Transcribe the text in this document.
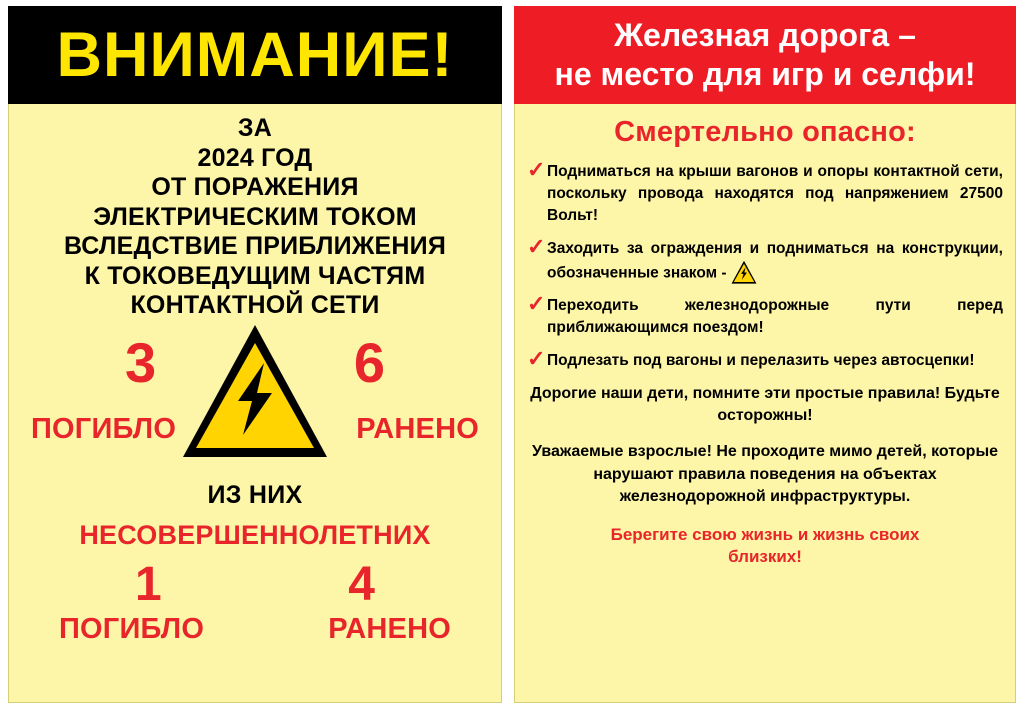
ВНИМАНИЕ!
ЗА
2024 ГОД
ОТ ПОРАЖЕНИЯ
ЭЛЕКТРИЧЕСКИМ ТОКОМ
ВСЛЕДСТВИЕ ПРИБЛИЖЕНИЯ
К ТОКОВЕДУЩИМ ЧАСТЯМ
КОНТАКТНОЙ СЕТИ
3	6
ПОГИБЛО	РАНЕНО
ИЗ НИХ
НЕСОВЕРШЕННОЛЕТНИХ
1	4
ПОГИБЛО	РАНЕНО
Железная дорога –
не место для игр и селфи!
Смертельно опасно:
✓ Подниматься на крыши вагонов и опоры контактной сети, поскольку провода находятся под напряжением 27500 Вольт!
✓ Заходить за ограждения и подниматься на конструкции, обозначенные знаком -
✓ Переходить железнодорожные пути перед приближающимся поездом!
✓ Подлезать под вагоны и перелазить через автосцепки!
Дорогие наши дети, помните эти простые правила! Будьте осторожны!
Уважаемые взрослые! Не проходите мимо детей, которые нарушают правила поведения на объектах железнодорожной инфраструктуры.
Берегите свою жизнь и жизнь своих
близких!
